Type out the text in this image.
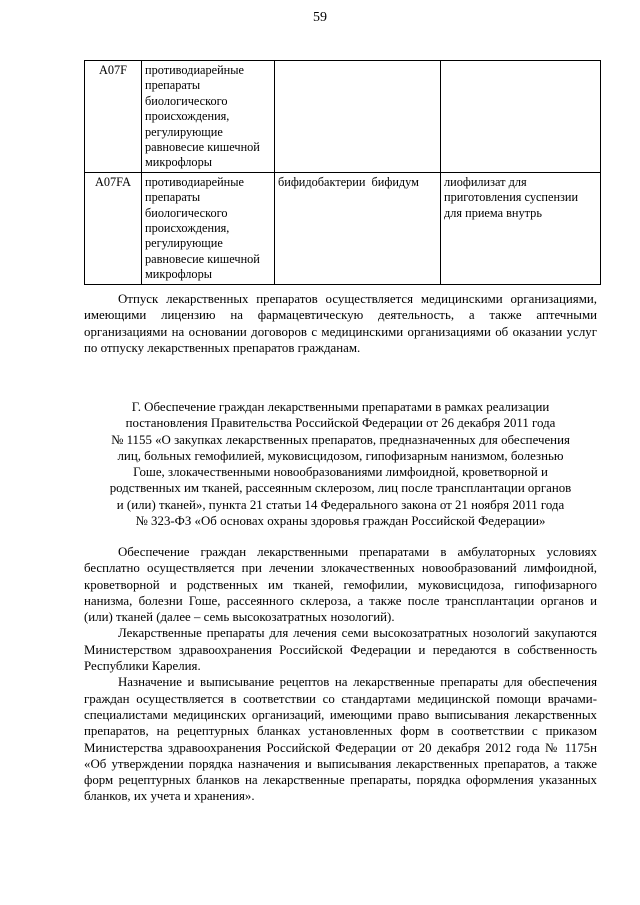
59
A07F	противодиарейные препараты биологического происхождения, регулирующие равновесие кишечной микрофлоры		
A07FA	противодиарейные препараты биологического происхождения, регулирующие равновесие кишечной микрофлоры	бифидобактерии бифидум	лиофилизат для приготовления суспензии для приема внутрь

Отпуск лекарственных препаратов осуществляется медицинскими организациями, имеющими лицензию на фармацевтическую деятельность, а также аптечными организациями на основании договоров с медицинскими организациями об оказании услуг по отпуску лекарственных препаратов гражданам.

Г. Обеспечение граждан лекарственными препаратами в рамках реализации

постановления Правительства Российской Федерации от 26 декабря 2011 года

№ 1155 «О закупках лекарственных препаратов, предназначенных для обеспечения

лиц, больных гемофилией, муковисцидозом, гипофизарным нанизмом, болезнью

Гоше, злокачественными новообразованиями лимфоидной, кроветворной и

родственных им тканей, рассеянным склерозом, лиц после трансплантации органов

и (или) тканей», пункта 21 статьи 14 Федерального закона от 21 ноября 2011 года

№ 323-ФЗ «Об основах охраны здоровья граждан Российской Федерации»

Обеспечение граждан лекарственными препаратами в амбулаторных условиях бесплатно осуществляется при лечении злокачественных новообразований лимфоидной, кроветворной и родственных им тканей, гемофилии, муковисцидоза, гипофизарного нанизма, болезни Гоше, рассеянного склероза, а также после трансплантации органов и (или) тканей (далее – семь высокозатратных нозологий).

Лекарственные препараты для лечения семи высокозатратных нозологий закупаются Министерством здравоохранения Российской Федерации и передаются в собственность Республики Карелия.

Назначение и выписывание рецептов на лекарственные препараты для обеспечения граждан осуществляется в соответствии со стандартами медицинской помощи врачами-специалистами медицинских организаций, имеющими право выписывания лекарственных препаратов, на рецептурных бланках установленных форм в соответствии с приказом Министерства здравоохранения Российской Федерации от 20 декабря 2012 года № 1175н «Об утверждении порядка назначения и выписывания лекарственных препаратов, а также форм рецептурных бланков на лекарственные препараты, порядка оформления указанных бланков, их учета и хранения».
